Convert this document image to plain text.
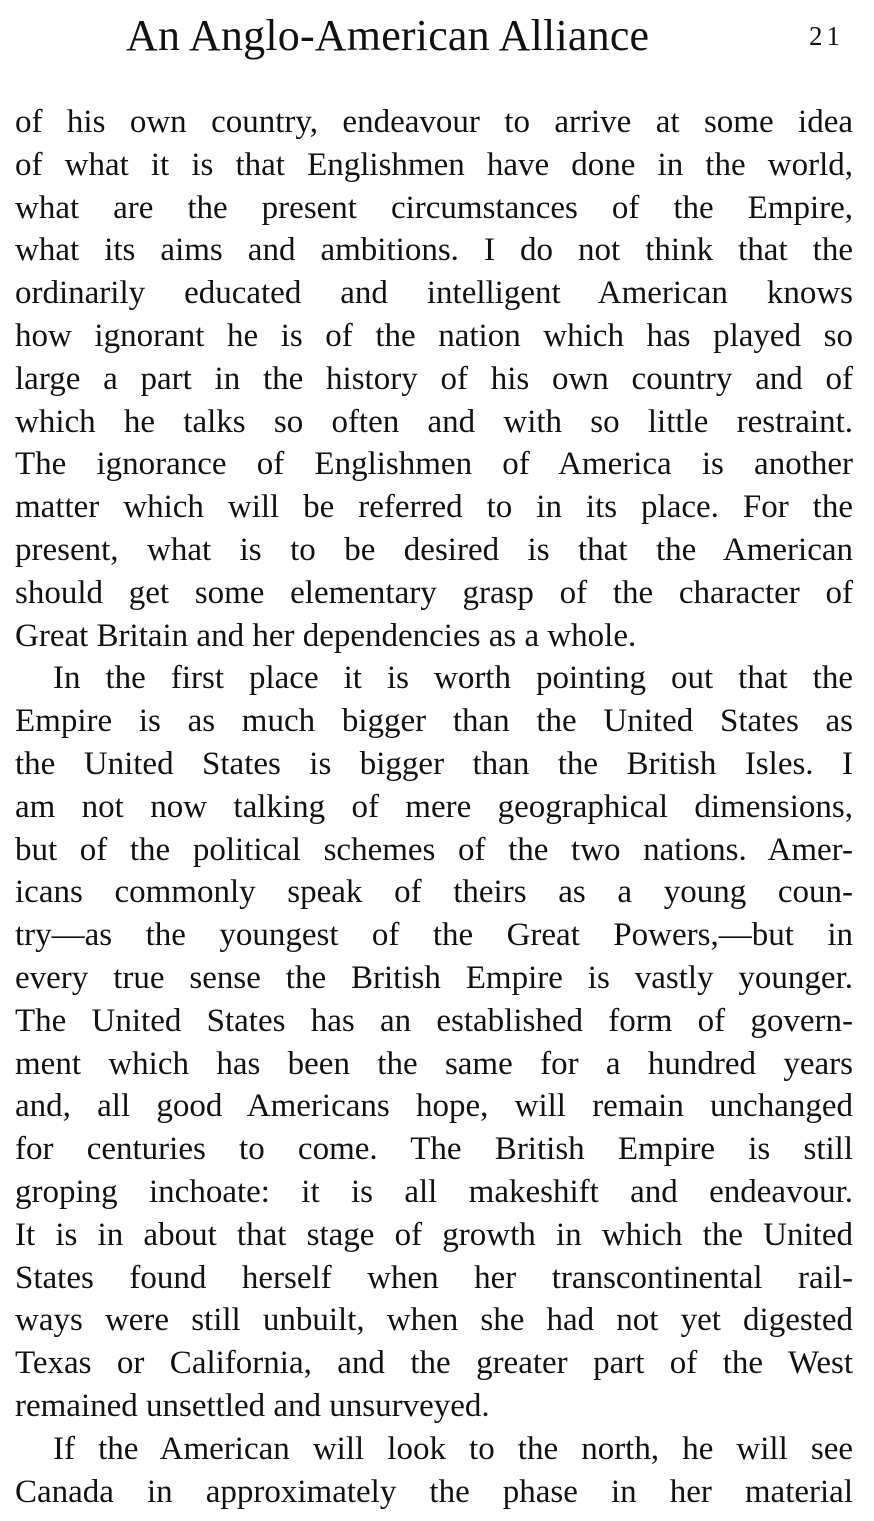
An Anglo-American Alliance	21
of his own country, endeavour to arrive at some idea
of what it is that Englishmen have done in the world,
what are the present circumstances of the Empire,
what its aims and ambitions. I do not think that the
ordinarily educated and intelligent American knows
how ignorant he is of the nation which has played so
large a part in the history of his own country and of
which he talks so often and with so little restraint.
The ignorance of Englishmen of America is another
matter which will be referred to in its place. For the
present, what is to be desired is that the American
should get some elementary grasp of the character of
Great Britain and her dependencies as a whole.
In the first place it is worth pointing out that the
Empire is as much bigger than the United States as
the United States is bigger than the British Isles. I
am not now talking of mere geographical dimensions,
but of the political schemes of the two nations. Amer-
icans commonly speak of theirs as a young coun-
try—as the youngest of the Great Powers,—but in
every true sense the British Empire is vastly younger.
The United States has an established form of govern-
ment which has been the same for a hundred years
and, all good Americans hope, will remain unchanged
for centuries to come. The British Empire is still
groping inchoate: it is all makeshift and endeavour.
It is in about that stage of growth in which the United
States found herself when her transcontinental rail-
ways were still unbuilt, when she had not yet digested
Texas or California, and the greater part of the West
remained unsettled and unsurveyed.
If the American will look to the north, he will see
Canada in approximately the phase in her material
